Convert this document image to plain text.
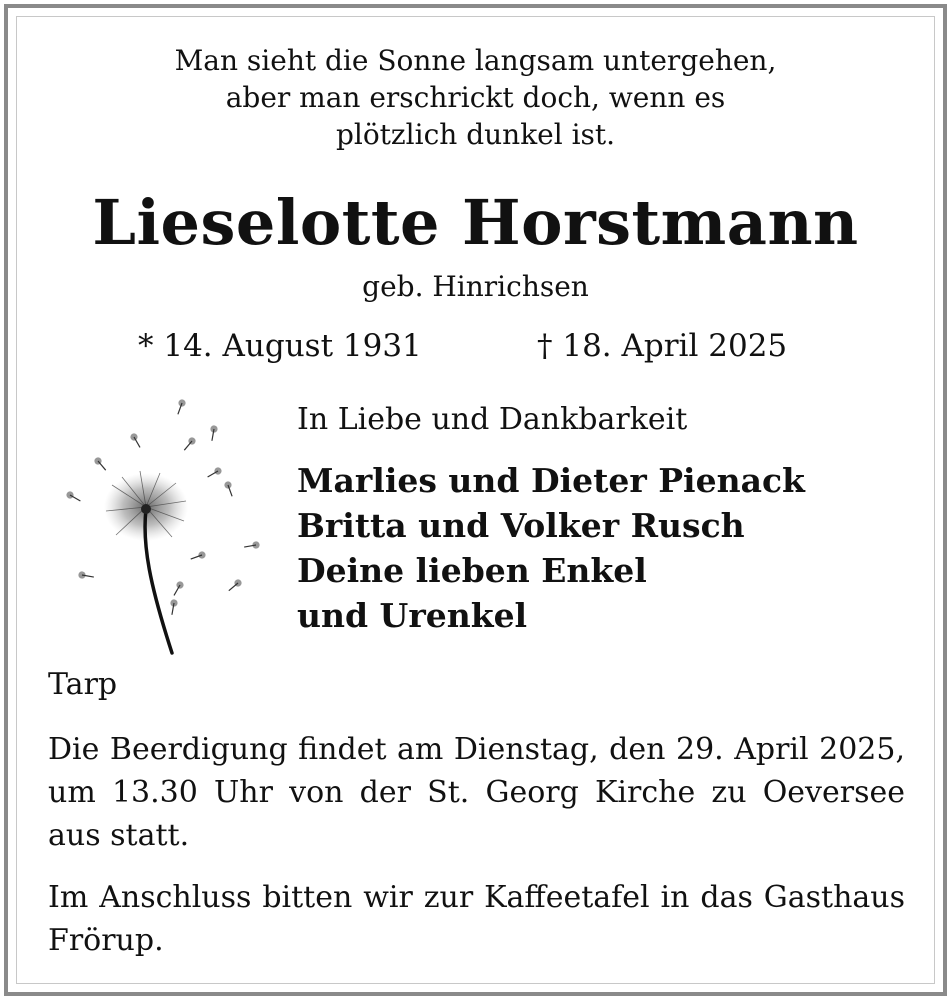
Man sieht die Sonne langsam untergehen,
aber man erschrickt doch, wenn es
plötzlich dunkel ist.
Lieselotte Horstmann
geb. Hinrichsen
* 14. August 1931	† 18. April 2025
In Liebe und Dankbarkeit
Marlies und Dieter Pienack
Britta und Volker Rusch
Deine lieben Enkel
und Urenkel
Tarp
Die Beerdigung findet am Dienstag, den 29. April 2025, um 13.30 Uhr von der St. Georg Kirche zu Oeversee aus statt.
Im Anschluss bitten wir zur Kaffeetafel in das Gasthaus Frörup.
